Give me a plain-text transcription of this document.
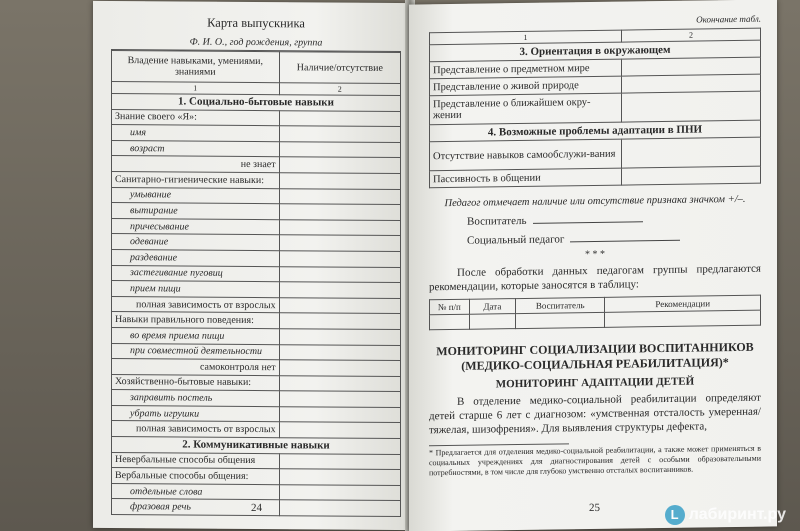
Карта выпускника
Ф. И. О., год рождения, группа
Владение навыками, умениями, знаниями	Наличие/отсутствие
1	2
1. Социально-бытовые навыки	
Знание своего «Я»:	
имя	
возраст	
не знает	
Санитарно-гигиенические навыки:	
умывание	
вытирание	
причесывание	
одевание	
раздевание	
застегивание пуговиц	
прием пищи	
полная зависимость от взрослых	
Навыки правильного поведения:	
во время приема пищи	
при совместной деятельности	
самоконтроля нет	
Хозяйственно-бытовые навыки:	
заправить постель	
убрать игрушки	
полная зависимость от взрослых	
2. Коммуникативные навыки	
Невербальные способы общения	
Вербальные способы общения:	
отдельные слова	
фразовая речь		24
Окончание табл.
1	2
3. Ориентация в окружающем	
Представление о предметном мире	
Представление о живой природе	
Представление о ближайшем окру-жении	
4. Возможные проблемы адаптации в ПНИ	
Отсутствие навыков самообслужи-вания	
Пассивность в общении	
Педагог отмечает наличие или отсутствие признака значком +/–.
Воспитатель
Социальный педагог
* * *
После обработки данных педагогам группы предлагаются рекомендации, которые заносятся в таблицу:
№ п/п	Дата	Воспитатель	Рекомендации

МОНИТОРИНГ СОЦИАЛИЗАЦИИ ВОСПИТАННИКОВ (МЕДИКО-СОЦИАЛЬНАЯ РЕАБИЛИТАЦИЯ)*
МОНИТОРИНГ АДАПТАЦИИ ДЕТЕЙ
В отделение медико-социальной реабилитации определяют детей старше 6 лет с диагнозом: «умственная отсталость умеренная/тяжелая, шизофрения». Для выявления структуры дефекта,
* Предлагается для отделения медико-социальной реабилитации, а также может применяться в социальных учреждениях для диагностирования детей с особыми образовательными потребностями, в том числе для глубоко умственно отсталых воспитанников.
25	L лабиринт.ру
